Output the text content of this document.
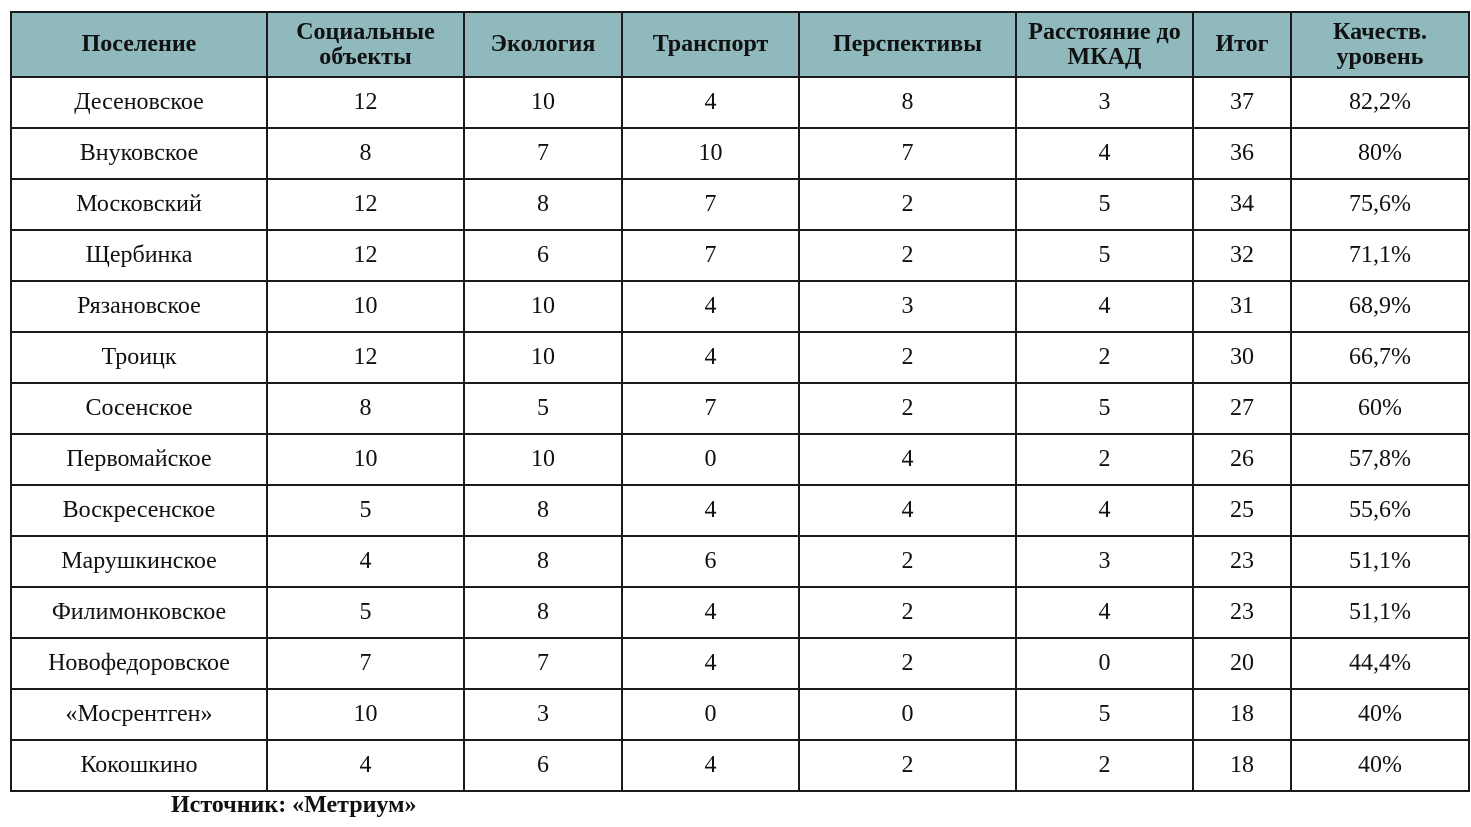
Поселение	Социальные объекты	Экология	Транспорт	Перспективы	Расстояние до МКАД	Итог	Качеств. уровень
Десеновское	12	10	4	8	3	37	82,2%
Внуковское	8	7	10	7	4	36	80%
Московский	12	8	7	2	5	34	75,6%
Щербинка	12	6	7	2	5	32	71,1%
Рязановское	10	10	4	3	4	31	68,9%
Троицк	12	10	4	2	2	30	66,7%
Сосенское	8	5	7	2	5	27	60%
Первомайское	10	10	0	4	2	26	57,8%
Воскресенское	5	8	4	4	4	25	55,6%
Марушкинское	4	8	6	2	3	23	51,1%
Филимонковское	5	8	4	2	4	23	51,1%
Новофедоровское	7	7	4	2	0	20	44,4%
«Мосрентген»	10	3	0	0	5	18	40%
Кокошкино	4	6	4	2	2	18	40%
Источник: «Метриум»
